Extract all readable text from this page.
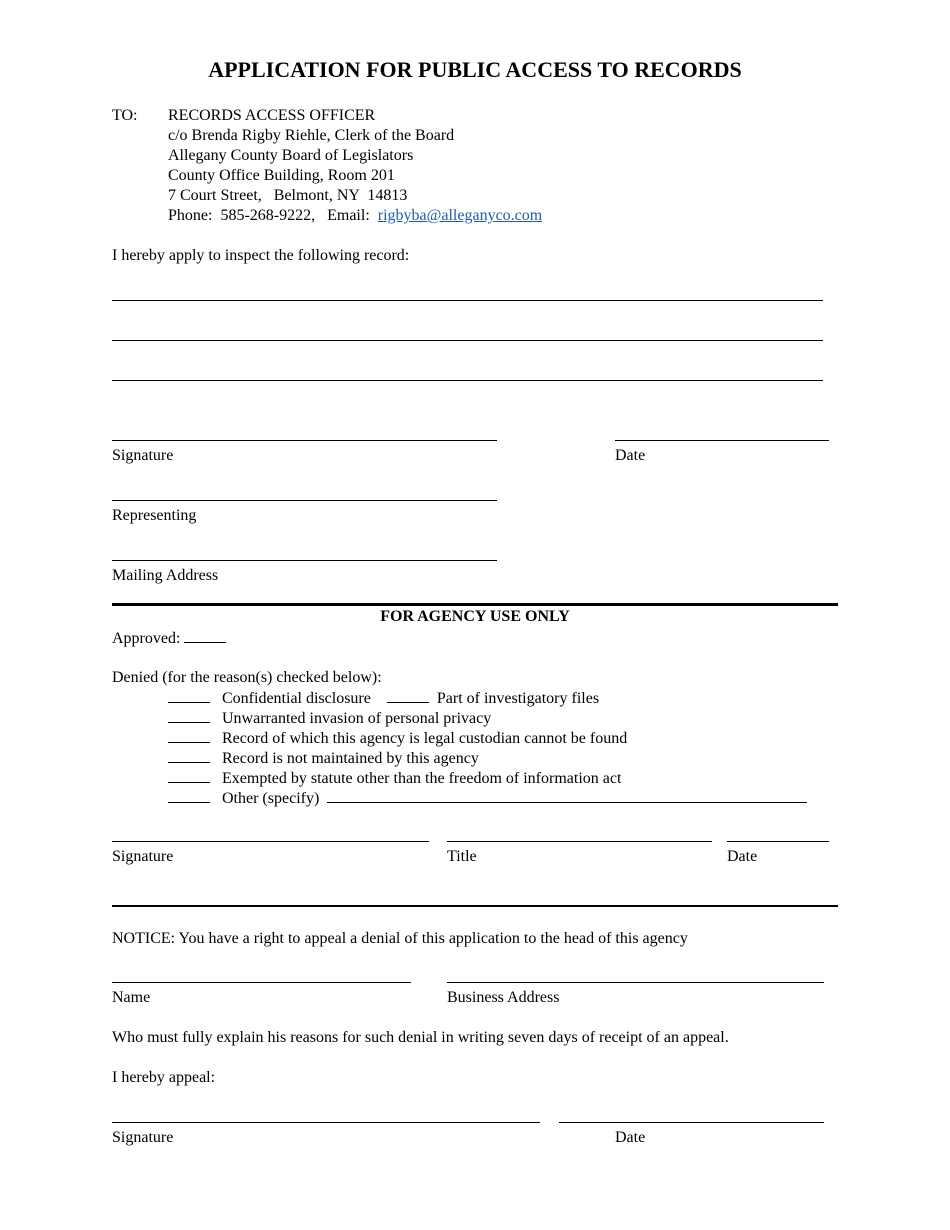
APPLICATION FOR PUBLIC ACCESS TO RECORDS
TO: RECORDS ACCESS OFFICER
c/o Brenda Rigby Riehle, Clerk of the Board
Allegany County Board of Legislators
County Office Building, Room 201
7 Court Street,   Belmont, NY  14813
Phone:  585-268-9222,   Email:  rigbyba@alleganyco.com
I hereby apply to inspect the following record:
Signature	Date
Representing
Mailing Address
FOR AGENCY USE ONLY
Approved:
Denied (for the reason(s) checked below):
Confidential disclosure	Part of investigatory files
Unwarranted invasion of personal privacy
Record of which this agency is legal custodian cannot be found
Record is not maintained by this agency
Exempted by statute other than the freedom of information act
Other (specify)
Signature	Title	Date
NOTICE: You have a right to appeal a denial of this application to the head of this agency
Name	Business Address
Who must fully explain his reasons for such denial in writing seven days of receipt of an appeal.
I hereby appeal:
Signature	Date
